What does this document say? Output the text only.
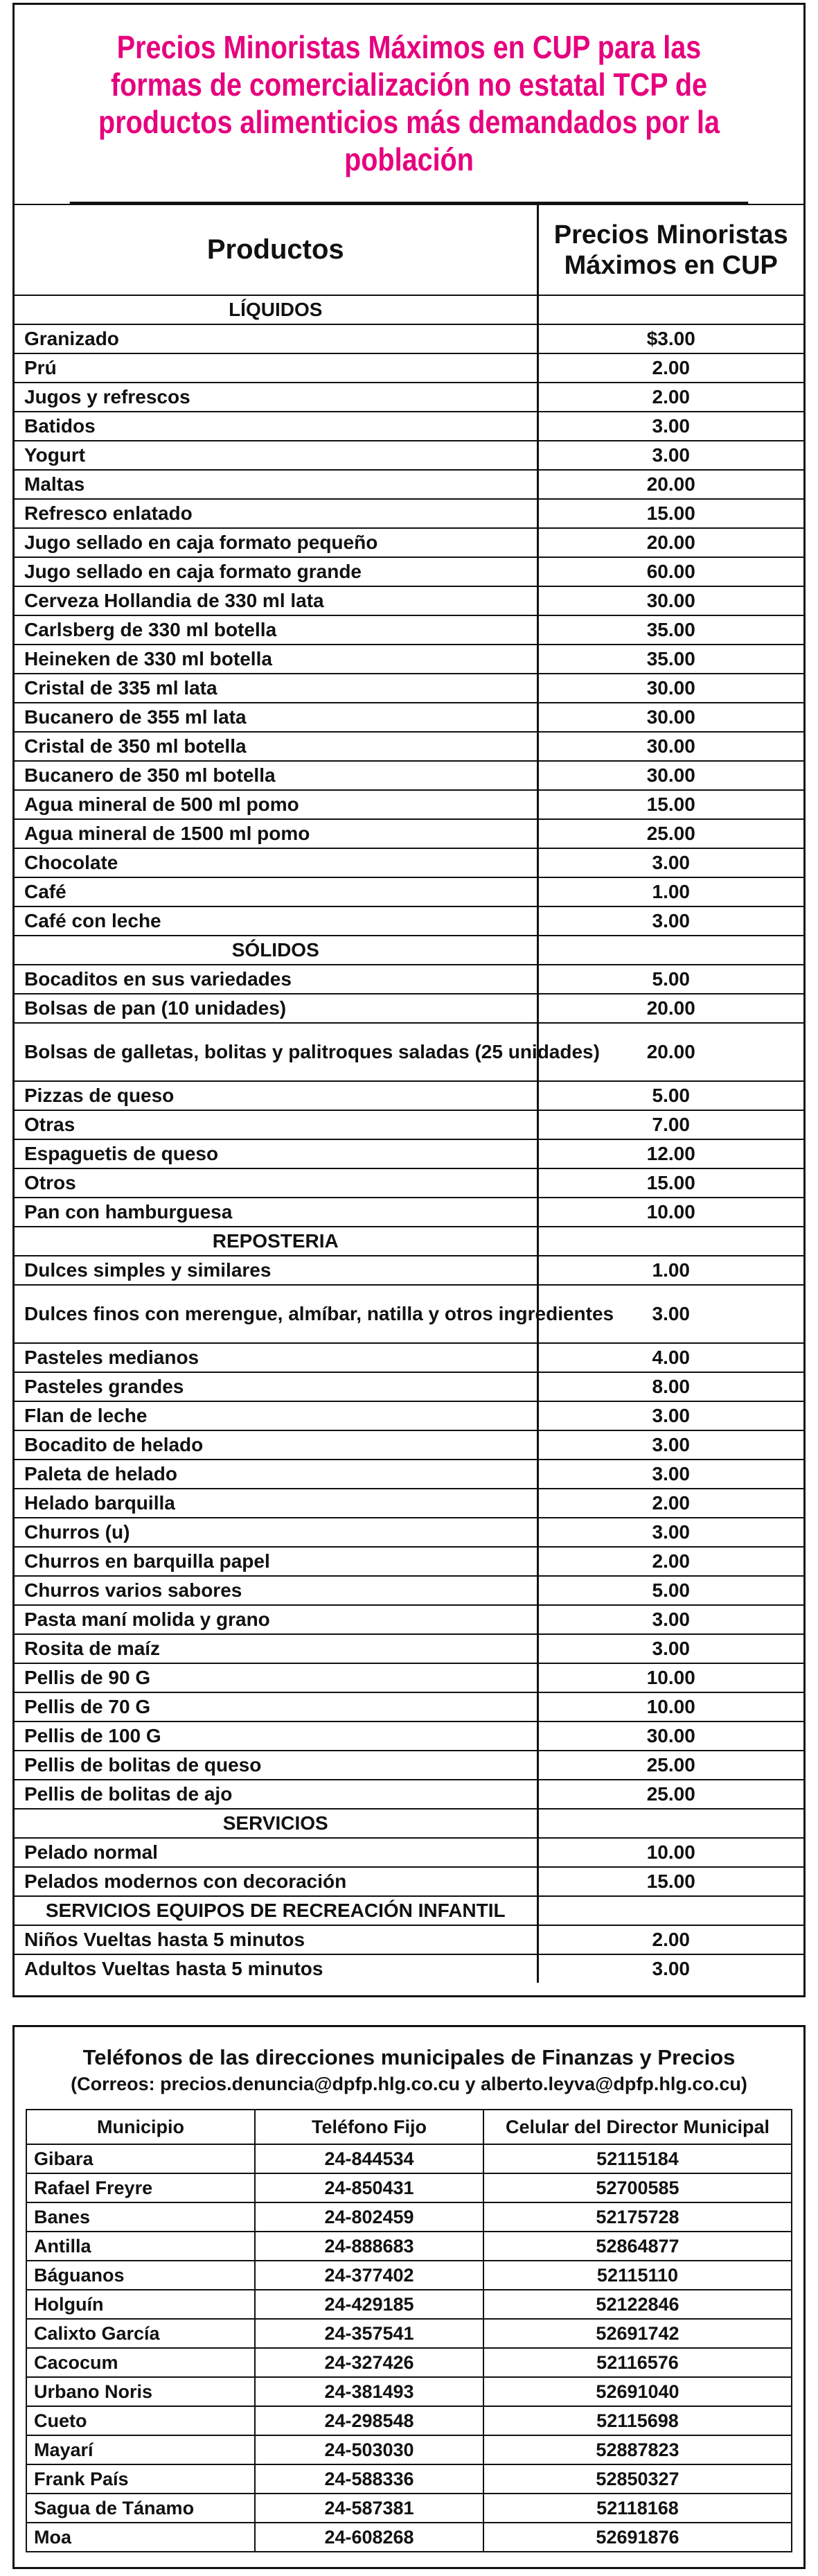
Precios Minoristas Máximos en CUP para las formas de comercialización no estatal TCP de productos alimenticios más demandados por la población
Productos	Precios Minoristas Máximos en CUP
LÍQUIDOS	
Granizado	$3.00
Prú	2.00
Jugos y refrescos	2.00
Batidos	3.00
Yogurt	3.00
Maltas	20.00
Refresco enlatado	15.00
Jugo sellado en caja formato pequeño	20.00
Jugo sellado en caja formato grande	60.00
Cerveza Hollandia de 330 ml lata	30.00
Carlsberg de 330 ml botella	35.00
Heineken de 330 ml botella	35.00
Cristal de 335 ml lata	30.00
Bucanero de 355 ml lata	30.00
Cristal de 350 ml botella	30.00
Bucanero de 350 ml botella	30.00
Agua mineral de 500 ml pomo	15.00
Agua mineral de 1500 ml pomo	25.00
Chocolate	3.00
Café	1.00
Café con leche	3.00
SÓLIDOS	
Bocaditos en sus variedades	5.00
Bolsas de pan (10 unidades)	20.00
Bolsas de galletas, bolitas y palitroques saladas (25 unidades)	20.00
Pizzas de queso	5.00
Otras	7.00
Espaguetis de queso	12.00
Otros	15.00
Pan con hamburguesa	10.00
REPOSTERIA	
Dulces simples y similares	1.00
Dulces finos con merengue, almíbar, natilla y otros ingredientes	3.00
Pasteles medianos	4.00
Pasteles grandes	8.00
Flan de leche	3.00
Bocadito de helado	3.00
Paleta de helado	3.00
Helado barquilla	2.00
Churros (u)	3.00
Churros en barquilla papel	2.00
Churros varios sabores	5.00
Pasta maní molida y grano	3.00
Rosita de maíz	3.00
Pellis de 90 G	10.00
Pellis de 70 G	10.00
Pellis de 100 G	30.00
Pellis de bolitas de queso	25.00
Pellis de bolitas de ajo	25.00
SERVICIOS	
Pelado normal	10.00
Pelados modernos con decoración	15.00
SERVICIOS EQUIPOS DE RECREACIÓN INFANTIL	
Niños Vueltas hasta 5 minutos	2.00
Adultos Vueltas hasta 5 minutos	3.00
Teléfonos de las direcciones municipales de Finanzas y Precios
(Correos: precios.denuncia@dpfp.hlg.co.cu y alberto.leyva@dpfp.hlg.co.cu)
Municipio	Teléfono Fijo	Celular del Director Municipal
Gibara	24-844534	52115184
Rafael Freyre	24-850431	52700585
Banes	24-802459	52175728
Antilla	24-888683	52864877
Báguanos	24-377402	52115110
Holguín	24-429185	52122846
Calixto García	24-357541	52691742
Cacocum	24-327426	52116576
Urbano Noris	24-381493	52691040
Cueto	24-298548	52115698
Mayarí	24-503030	52887823
Frank País	24-588336	52850327
Sagua de Tánamo	24-587381	52118168
Moa	24-608268	52691876
